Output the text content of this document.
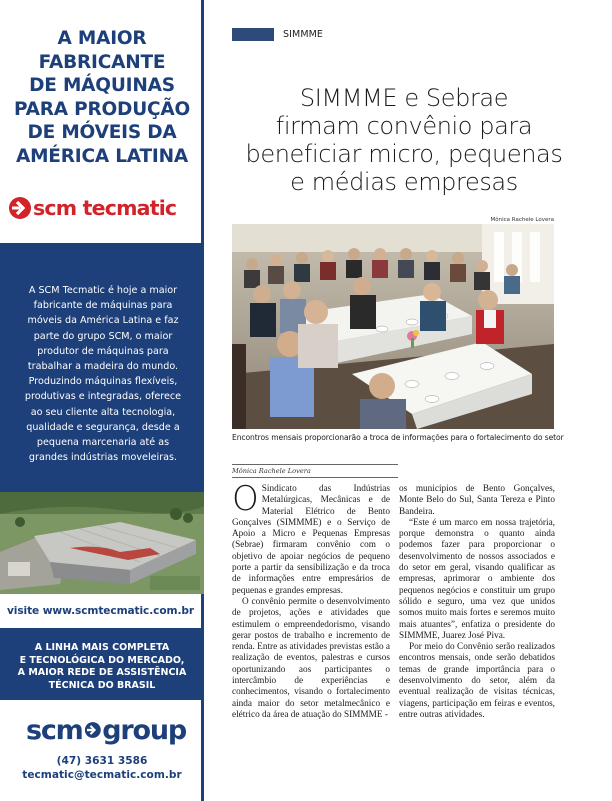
A MAIOR
FABRICANTE
DE MÁQUINAS
PARA PRODUÇÃO
DE MÓVEIS DA
AMÉRICA LATINA
scm tecmatic
A SCM Tecmatic é hoje a maior
fabricante de máquinas para
móveis da América Latina e faz
parte do grupo SCM, o maior
produtor de máquinas para
trabalhar a madeira do mundo.
Produzindo máquinas flexíveis,
produtivas e integradas, oferece
ao seu cliente alta tecnologia,
qualidade e segurança, desde a
pequena marcenaria até as
grandes indústrias moveleiras.
visite www.scmtecmatic.com.br
A LINHA MAIS COMPLETA
E TECNOLÓGICA DO MERCADO,
A MAIOR REDE DE ASSISTÊNCIA
TÉCNICA DO BRASIL
scm group
(47) 3631 3586
tecmatic@tecmatic.com.br
SIMMME
SIMMME e Sebrae
firmam convênio para
beneficiar micro, pequenas
e médias empresas
Mônica Rachele Lovera
Encontros mensais proporcionarão a troca de informações para o fortalecimento do setor
Mônica Rachele Lovera

O Sindicato das Indústrias Metalúrgicas, Mecânicas e de Material Elétrico de Bento Gonçalves (SIMMME) e o Serviço de Apoio a Micro e Pequenas Empresas (Sebrae) firmaram convênio com o objetivo de apoiar negócios de pequeno porte a partir da sensibilização e da troca de informações entre empresários de pequenas e grandes empresas.

O convênio permite o desenvolvimento de projetos, ações e atividades que estimulem o empreendedorismo, visando gerar postos de trabalho e incremento de renda. Entre as atividades previstas estão a realização de eventos, palestras e cursos oportunizando aos participantes o intercâmbio de experiências e conhecimentos, visando o fortalecimento ainda maior do setor metalmecânico e elétrico da área de atuação do SIMMME -

os municípios de Bento Gonçalves, Monte Belo do Sul, Santa Tereza e Pinto Bandeira.

“Este é um marco em nossa trajetória, porque demonstra o quanto ainda podemos fazer para proporcionar o desenvolvimento de nossos associados e do setor em geral, visando qualificar as empresas, aprimorar o ambiente dos pequenos negócios e constituir um grupo sólido e seguro, uma vez que unidos somos muito mais fortes e seremos muito mais atuantes”, enfatiza o presidente do SIMMME, Juarez José Piva.

Por meio do Convênio serão realizados encontros mensais, onde serão debatidos temas de grande importância para o desenvolvimento do setor, além da eventual realização de visitas técnicas, viagens, participação em feiras e eventos, entre outras atividades.
